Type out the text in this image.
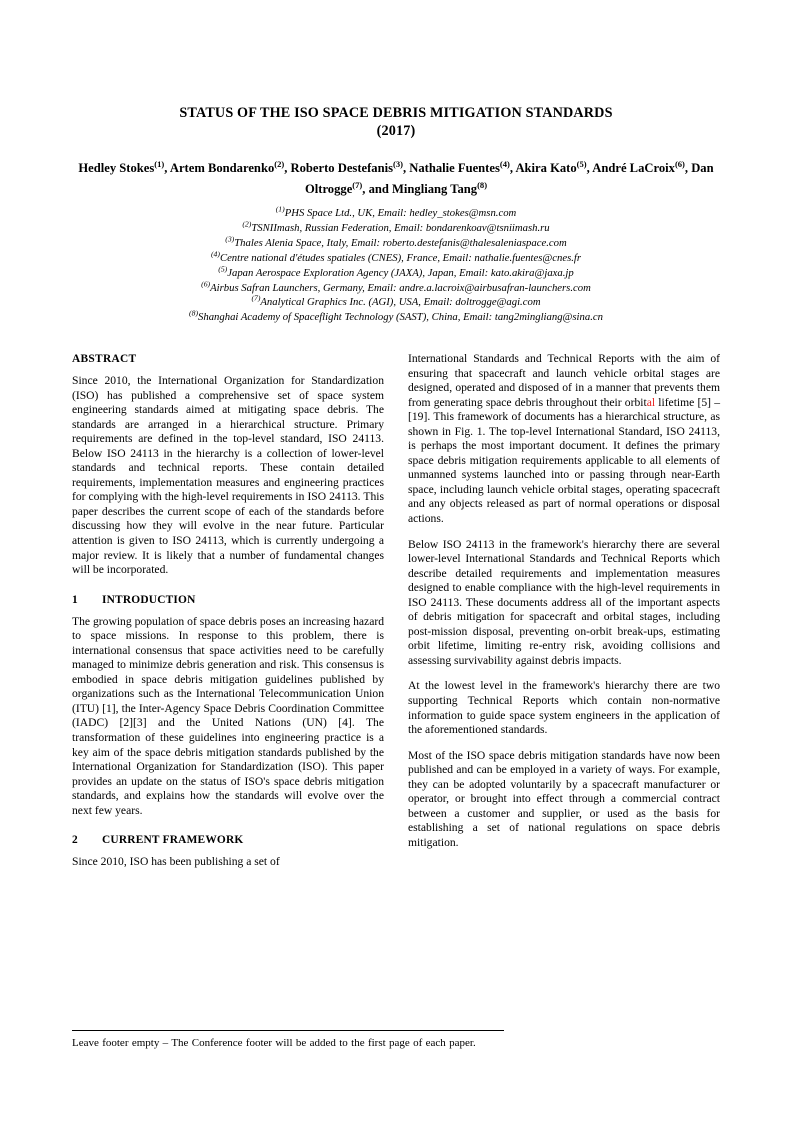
STATUS OF THE ISO SPACE DEBRIS MITIGATION STANDARDS
(2017)
Hedley Stokes$^{(1)}$, Artem Bondarenko$^{(2)}$, Roberto Destefanis$^{(3)}$, Nathalie Fuentes$^{(4)}$, Akira Kato$^{(5)}$, André LaCroix$^{(6)}$, Dan Oltrogge$^{(7)}$, and Mingliang Tang$^{(8)}$
$^{(1)}$PHS Space Ltd., UK, Email: hedley_stokes@msn.com
$^{(2)}$TSNIImash, Russian Federation, Email: bondarenkoav@tsniimash.ru
$^{(3)}$Thales Alenia Space, Italy, Email: roberto.destefanis@thalesaleniaspace.com
$^{(4)}$Centre national d'études spatiales (CNES), France, Email: nathalie.fuentes@cnes.fr
$^{(5)}$Japan Aerospace Exploration Agency (JAXA), Japan, Email: kato.akira@jaxa.jp
$^{(6)}$Airbus Safran Launchers, Germany, Email: andre.a.lacroix@airbusafran-launchers.com
$^{(7)}$Analytical Graphics Inc. (AGI), USA, Email: doltrogge@agi.com
$^{(8)}$Shanghai Academy of Spaceflight Technology (SAST), China, Email: tang2mingliang@sina.cn
ABSTRACT

Since 2010, the International Organization for Standardization (ISO) has published a comprehensive set of space system engineering standards aimed at mitigating space debris. The standards are arranged in a hierarchical structure. Primary requirements are defined in the top-level standard, ISO 24113. Below ISO 24113 in the hierarchy is a collection of lower-level standards and technical reports. These contain detailed requirements, implementation measures and engineering practices for complying with the high-level requirements in ISO 24113. This paper describes the current scope of each of the standards before discussing how they will evolve in the near future. Particular attention is given to ISO 24113, which is currently undergoing a major review. It is likely that a number of fundamental changes will be incorporated.

1 INTRODUCTION

The growing population of space debris poses an increasing hazard to space missions. In response to this problem, there is international consensus that space activities need to be carefully managed to minimize debris generation and risk. This consensus is embodied in space debris mitigation guidelines published by organizations such as the International Telecommunication Union (ITU) [1], the Inter-Agency Space Debris Coordination Committee (IADC) [2][3] and the United Nations (UN) [4]. The transformation of these guidelines into engineering practice is a key aim of the space debris mitigation standards published by the International Organization for Standardization (ISO). This paper provides an update on the status of ISO's space debris mitigation standards, and explains how the standards will evolve over the next few years.

2 CURRENT FRAMEWORK

Since 2010, ISO has been publishing a set of

International Standards and Technical Reports with the aim of ensuring that spacecraft and launch vehicle orbital stages are designed, operated and disposed of in a manner that prevents them from generating space debris throughout their orbital lifetime [5] – [19]. This framework of documents has a hierarchical structure, as shown in Fig. 1. The top-level International Standard, ISO 24113, is perhaps the most important document. It defines the primary space debris mitigation requirements applicable to all elements of unmanned systems launched into or passing through near-Earth space, including launch vehicle orbital stages, operating spacecraft and any objects released as part of normal operations or disposal actions.

Below ISO 24113 in the framework's hierarchy there are several lower-level International Standards and Technical Reports which describe detailed requirements and implementation measures designed to enable compliance with the high-level requirements in ISO 24113. These documents address all of the important aspects of debris mitigation for spacecraft and orbital stages, including post-mission disposal, preventing on-orbit break-ups, estimating orbit lifetime, limiting re-entry risk, avoiding collisions and assessing survivability against debris impacts.

At the lowest level in the framework's hierarchy there are two supporting Technical Reports which contain non-normative information to guide space system engineers in the application of the aforementioned standards.

Most of the ISO space debris mitigation standards have now been published and can be employed in a variety of ways. For example, they can be adopted voluntarily by a spacecraft manufacturer or operator, or brought into effect through a commercial contract between a customer and supplier, or used as the basis for establishing a set of national regulations on space debris mitigation.

Leave footer empty – The Conference footer will be added to the first page of each paper.
